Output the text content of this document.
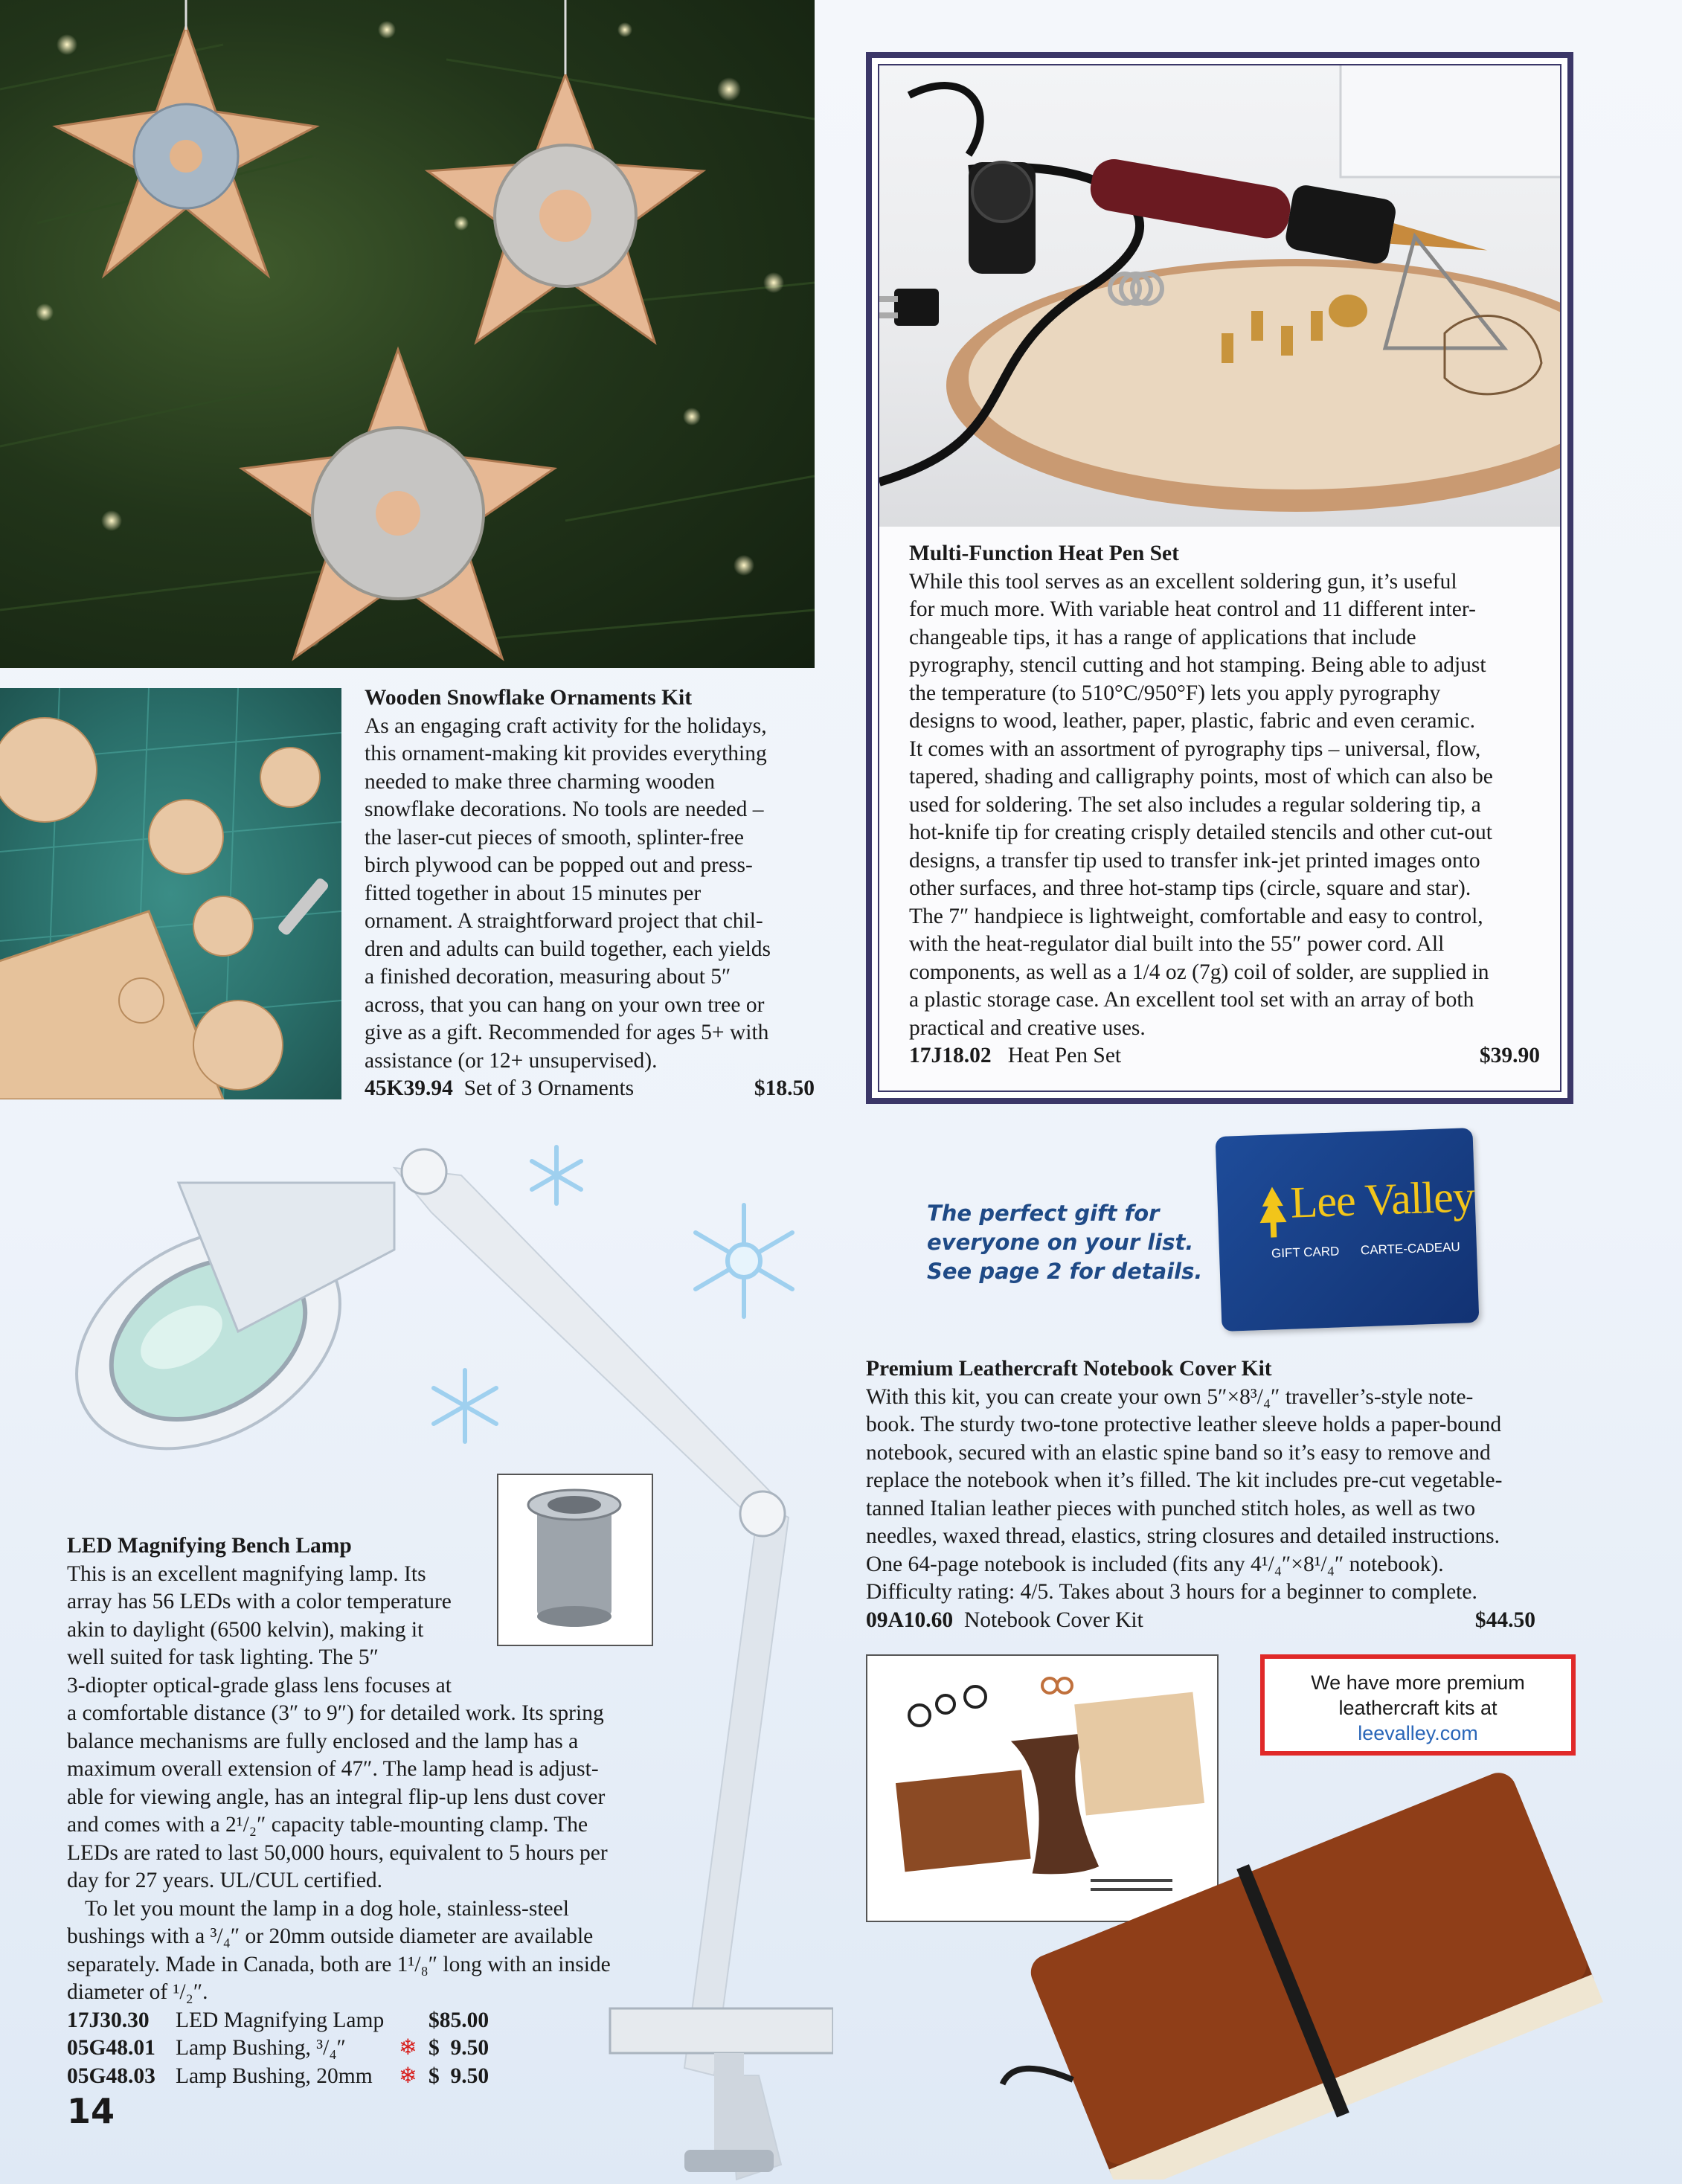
Wooden Snowflake Ornaments Kit

As an engaging craft activity for the holidays,

this ornament-making kit provides everything

needed to make three charming wooden

snowflake decorations. No tools are needed –

the laser-cut pieces of smooth, splinter-free

birch plywood can be popped out and press-

fitted together in about 15 minutes per

ornament. A straightforward project that chil-

dren and adults can build together, each yields

a finished decoration, measuring about 5″

across, that you can hang on your own tree or

give as a gift. Recommended for ages 5+ with

assistance (or 12+ unsupervised).

45K39.94 Set of 3 Ornaments	$18.50

Multi-Function Heat Pen Set

While this tool serves as an excellent soldering gun, it’s useful

for much more. With variable heat control and 11 different inter-

changeable tips, it has a range of applications that include

pyrography, stencil cutting and hot stamping. Being able to adjust

the temperature (to 510°C/950°F) lets you apply pyrography

designs to wood, leather, paper, plastic, fabric and even ceramic.

It comes with an assortment of pyrography tips – universal, flow,

tapered, shading and calligraphy points, most of which can also be

used for soldering. The set also includes a regular soldering tip, a

hot-knife tip for creating crisply detailed stencils and other cut-out

designs, a transfer tip used to transfer ink-jet printed images onto

other surfaces, and three hot-stamp tips (circle, square and star).

The 7″ handpiece is lightweight, comfortable and easy to control,

with the heat-regulator dial built into the 55″ power cord. All

components, as well as a 1/4 oz (7g) coil of solder, are supplied in

a plastic storage case. An excellent tool set with an array of both

practical and creative uses.

17J18.02 Heat Pen Set	$39.90

The perfect gift for
everyone on your list.
See page 2 for details.
Lee Valley
GIFT CARD CARTE-CADEAU

Premium Leathercraft Notebook Cover Kit

With this kit, you can create your own 5″×8³/₄″ traveller’s-style note-

book. The sturdy two-tone protective leather sleeve holds a paper-bound

notebook, secured with an elastic spine band so it’s easy to remove and

replace the notebook when it’s filled. The kit includes pre-cut vegetable-

tanned Italian leather pieces with punched stitch holes, as well as two

needles, waxed thread, elastics, string closures and detailed instructions.

One 64-page notebook is included (fits any 4¹/₄″×8¹/₄″ notebook).

Difficulty rating: 4/5. Takes about 3 hours for a beginner to complete.

09A10.60 Notebook Cover Kit	$44.50

We have more premium
leathercraft kits at
leevalley.com

LED Magnifying Bench Lamp

This is an excellent magnifying lamp. Its

array has 56 LEDs with a color temperature

akin to daylight (6500 kelvin), making it

well suited for task lighting. The 5″

3-diopter optical-grade glass lens focuses at

a comfortable distance (3″ to 9″) for detailed work. Its spring

balance mechanisms are fully enclosed and the lamp has a

maximum overall extension of 47″. The lamp head is adjust-

able for viewing angle, has an integral flip-up lens dust cover

and comes with a 2¹/₂″ capacity table-mounting clamp. The

LEDs are rated to last 50,000 hours, equivalent to 5 hours per

day for 27 years. UL/CUL certified.

To let you mount the lamp in a dog hole, stainless-steel

bushings with a ³/₄″ or 20mm outside diameter are available

separately. Made in Canada, both are 1¹/₈″ long with an inside

diameter of ¹/₂″.

17J30.30	LED Magnifying Lamp	$85.00

05G48.01 Lamp Bushing, ³/₄″	❄ $  9.50

05G48.03 Lamp Bushing, 20mm	❄ $  9.50

14
